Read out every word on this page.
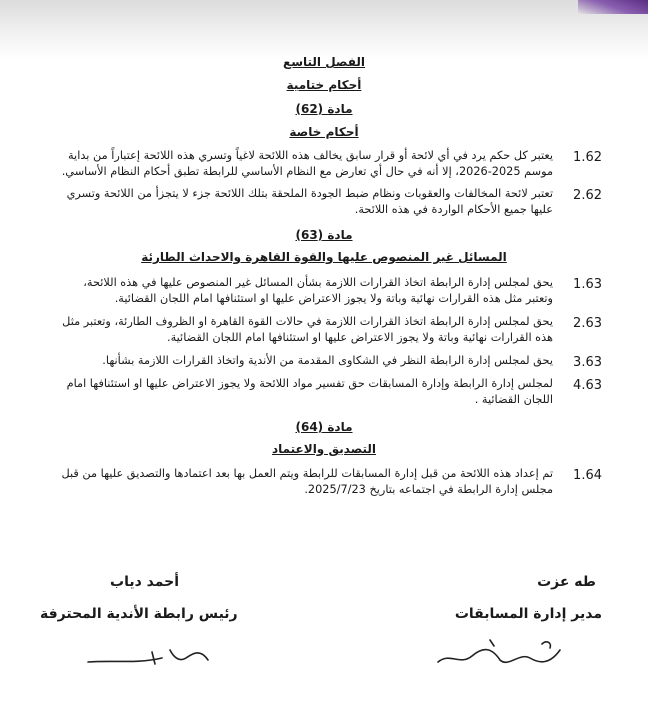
الفصل التاسع
أحكام ختامية
مادة (62)
أحكام خاصة
1.62
يعتبر كل حكم يرد في أي لائحة أو قرار سابق يخالف هذه اللائحة لاغياً وتسري هذه اللائحة إعتباراً من بداية موسم 2025-2026، إلا أنه في حال أي تعارض مع النظام الأساسي للرابطة تطبق أحكام النظام الأساسي.
2.62
تعتبر لائحة المخالفات والعقوبات ونظام ضبط الجودة الملحقة بتلك اللائحة جزء لا يتجزأ من اللائحة وتسري عليها جميع الأحكام الواردة في هذه اللائحة.
مادة (63)
المسائل غير المنصوص عليها والقوة القاهرة والاحداث الطارئة
1.63
يحق لمجلس إدارة الرابطة اتخاذ القرارات اللازمة بشأن المسائل غير المنصوص عليها في هذه اللائحة، وتعتبر مثل هذه القرارات نهائية وباتة ولا يجوز الاعتراض عليها او استئنافها امام اللجان القضائية.
2.63
يحق لمجلس إدارة الرابطة اتخاذ القرارات اللازمة في حالات القوة القاهرة او الظروف الطارئة، وتعتبر مثل هذه القرارات نهائية وباتة ولا يجوز الاعتراض عليها او استئنافها امام اللجان القضائية.
3.63
يحق لمجلس إدارة الرابطة النظر في الشكاوى المقدمة من الأندية واتخاذ القرارات اللازمة بشأنها.
4.63
لمجلس إدارة الرابطة وإدارة المسابقات حق تفسير مواد اللائحة ولا يجوز الاعتراض عليها او استئنافها امام اللجان القضائية .
مادة (64)
التصديق والاعتماد
1.64
تم إعداد هذه اللائحة من قبل إدارة المسابقات للرابطة ويتم العمل بها بعد اعتمادها والتصديق عليها من قبل مجلس إدارة الرابطة في اجتماعه بتاريخ 2025/7/23.
طه عزت
مدير إدارة المسابقات
أحمد دياب
رئيس رابطة الأندية المحترفة
